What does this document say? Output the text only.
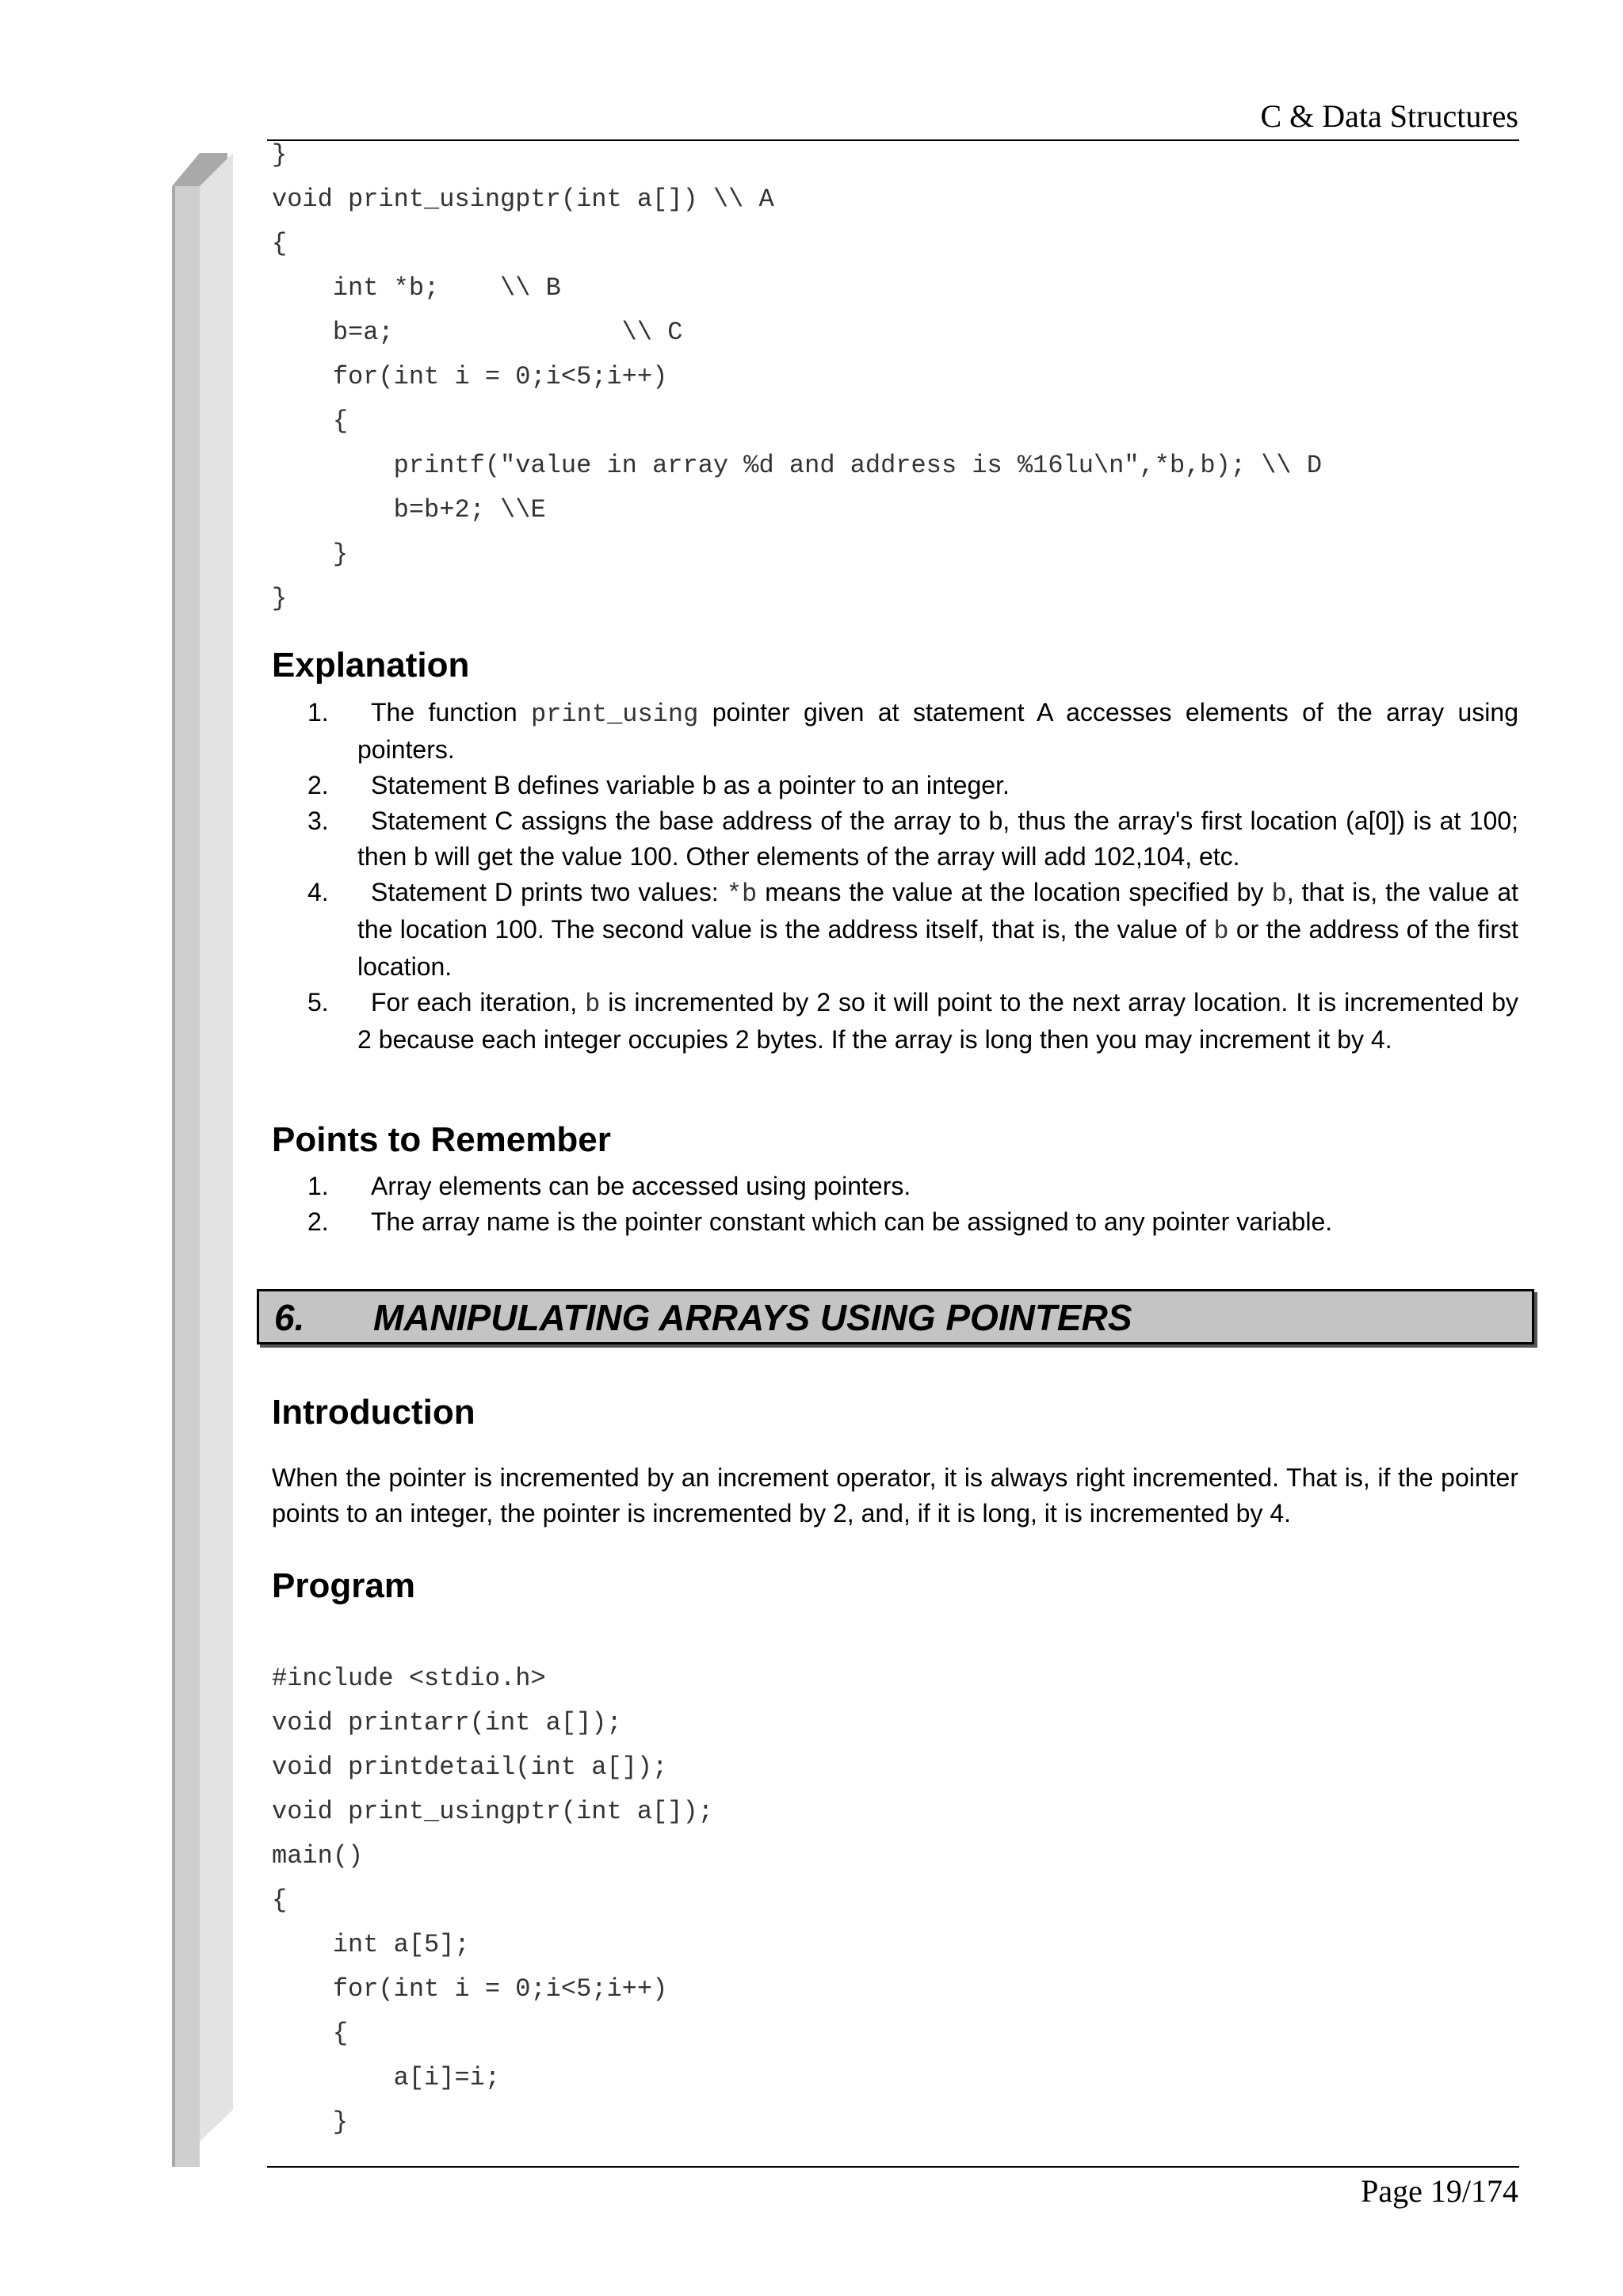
C & Data Structures
}
void print_usingptr(int a[]) \\ A
{
int *b;    \\ B
b=a;               \\ C
for(int i = 0;i<5;i++)
{
printf("value in array %d and address is %16lu\n",*b,b); \\ D
b=b+2; \\E
}
}
Explanation
1. The function print_using pointer given at statement A accesses elements of the array using pointers.
2. Statement B defines variable b as a pointer to an integer.
3. Statement C assigns the base address of the array to b, thus the array's first location (a[0]) is at 100; then b will get the value 100. Other elements of the array will add 102,104, etc.
4. Statement D prints two values: *b means the value at the location specified by b, that is, the value at the location 100. The second value is the address itself, that is, the value of b or the address of the first location.
5. For each iteration, b is incremented by 2 so it will point to the next array location. It is incremented by 2 because each integer occupies 2 bytes. If the array is long then you may increment it by 4.
Points to Remember
1. Array elements can be accessed using pointers.
2. The array name is the pointer constant which can be assigned to any pointer variable.
6. MANIPULATING ARRAYS USING POINTERS
Introduction

When the pointer is incremented by an increment operator, it is always right incremented. That is, if the pointer points to an integer, the pointer is incremented by 2, and, if it is long, it is incremented by 4.

Program
#include <stdio.h>
void printarr(int a[]);
void printdetail(int a[]);
void print_usingptr(int a[]);
main()
{
int a[5];
for(int i = 0;i<5;i++)
{
a[i]=i;
}
Page 19/174
